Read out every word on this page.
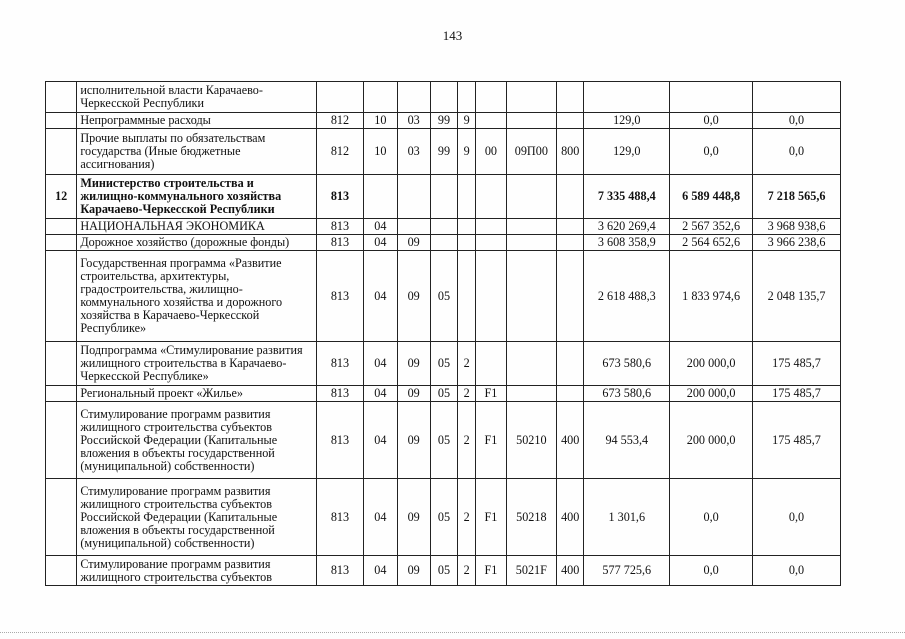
143
	исполнительной власти Карачаево-Черкесской Республики											
	Непрограммные расходы	812	10	03	99	9				129,0	0,0	0,0
	Прочие выплаты по обязательствам государства (Иные бюджетные ассигнования)	812	10	03	99	9	00	09П00	800	129,0	0,0	0,0
12	Министерство строительства и жилищно-коммунального хозяйства Карачаево-Черкесской Республики	813								7 335 488,4	6 589 448,8	7 218 565,6
	НАЦИОНАЛЬНАЯ ЭКОНОМИКА	813	04							3 620 269,4	2 567 352,6	3 968 938,6
	Дорожное хозяйство (дорожные фонды)	813	04	09						3 608 358,9	2 564 652,6	3 966 238,6
	Государственная программа «Развитие строительства, архитектуры, градостроительства, жилищно-коммунального хозяйства и дорожного хозяйства в Карачаево-Черкесской Республике»	813	04	09	05					2 618 488,3	1 833 974,6	2 048 135,7
	Подпрограмма «Стимулирование развития жилищного строительства в Карачаево-Черкесской Республике»	813	04	09	05	2				673 580,6	200 000,0	175 485,7
	Региональный проект «Жилье»	813	04	09	05	2	F1			673 580,6	200 000,0	175 485,7
	Стимулирование программ развития жилищного строительства субъектов Российской Федерации (Капитальные вложения в объекты государственной (муниципальной) собственности)	813	04	09	05	2	F1	50210	400	94 553,4	200 000,0	175 485,7
	Стимулирование программ развития жилищного строительства субъектов Российской Федерации (Капитальные вложения в объекты государственной (муниципальной) собственности)	813	04	09	05	2	F1	50218	400	1 301,6	0,0	0,0
	Стимулирование программ развития жилищного строительства субъектов	813	04	09	05	2	F1	5021F	400	577 725,6	0,0	0,0
